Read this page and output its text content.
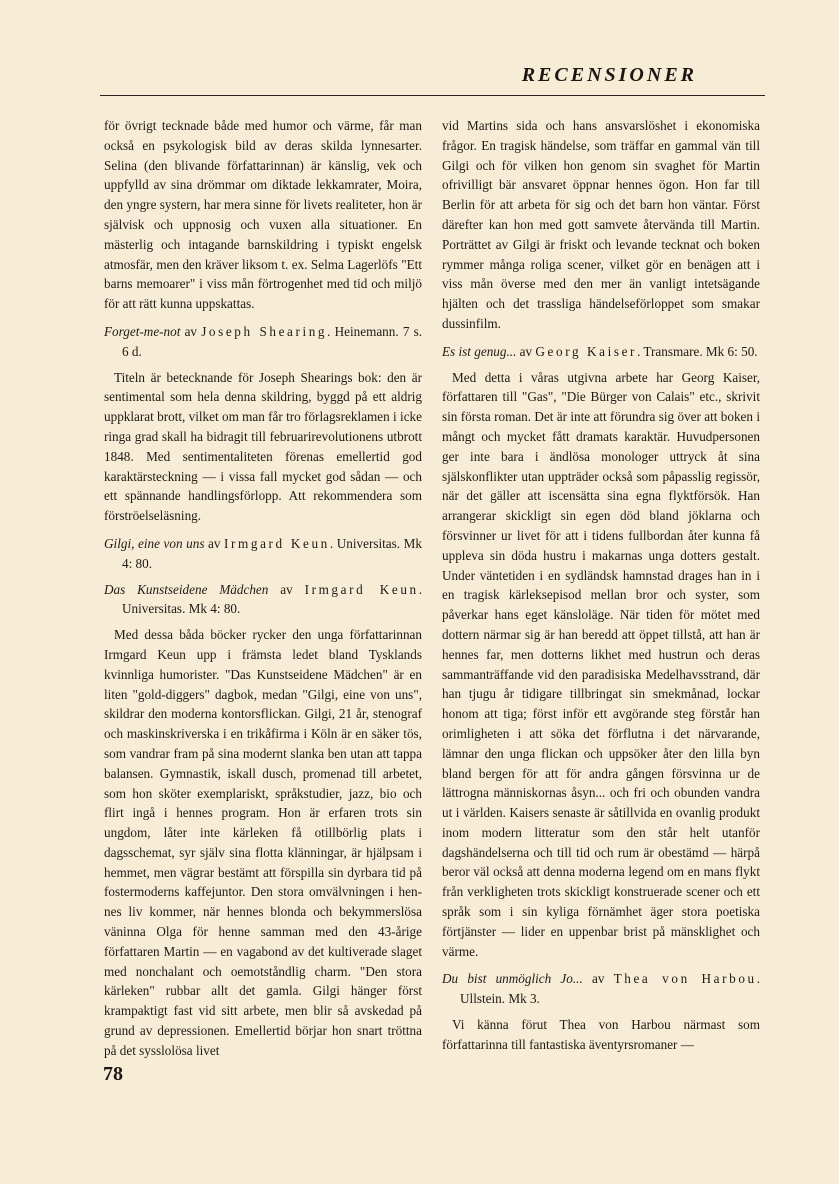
RECENSIONER

för övrigt tecknade både med humor och värme, får man också en psykologisk bild av deras skilda lynnesarter. Selina (den blivande författarinnan) är känslig, vek och uppfylld av sina drömmar om diktade lekkamrater, Moira, den yngre systern, har mera sinne för livets realiteter, hon är självisk och uppnosig och vuxen alla situationer. En mästerlig och intagande barnskildring i typiskt engelsk atmosfär, men den kräver liksom t. ex. Selma Lagerlöfs "Ett barns memoarer" i viss mån förtrogenhet med tid och miljö för att rätt kunna uppskattas.

Forget-me-not av Joseph Shearing. Heinemann. 7 s. 6 d.

Titeln är betecknande för Joseph Shearings bok: den är sentimental som hela denna skildring, byggd på ett aldrig uppklarat brott, vilket om man får tro förlagsreklamen i icke ringa grad skall ha bidragit till februarirevolutionens utbrott 1848. Med sentimentaliteten förenas emellertid god karaktärsteckning — i vissa fall mycket god sådan — och ett spännande handlingsförlopp. Att rekommendera som förströelseläsning.

Gilgi, eine von uns av Irmgard Keun. Universitas. Mk 4: 80.
Das Kunstseidene Mädchen av Irmgard Keun. Universitas. Mk 4: 80.

Med dessa båda böcker rycker den unga författarinnan Irmgard Keun upp i främsta ledet bland Tysklands kvinnliga humorister. "Das Kunstseidene Mädchen" är en liten "gold-diggers" dagbok, medan "Gilgi, eine von uns", skildrar den moderna kontorsflickan. Gilgi, 21 år, stenograf och maskinskriverska i en trikåfirma i Köln är en säker tös, som vandrar fram på sina modernt slanka ben utan att tappa balansen. Gymnastik, iskall dusch, promenad till arbetet, som hon sköter exemplariskt, språkstudier, jazz, bio och flirt ingå i hennes program. Hon är erfaren trots sin ungdom, låter inte kärleken få otillbörlig plats i dagsschemat, syr själv sina flotta klänningar, är hjälpsam i hemmet, men vägrar bestämt att förspilla sin dyrbara tid på fostermoderns kaffejuntor. Den stora omvälvningen i hennes liv kommer, när hennes blonda och bekymmerslösa väninna Olga för henne samman med den 43-årige författaren Martin — en vagabond av det kultiverade slaget med nonchalant och oemotståndlig charm. "Den stora kärleken" rubbar allt det gamla. Gilgi hänger först krampaktigt fast vid sitt arbete, men blir så avskedad på grund av depressionen. Emellertid börjar hon snart tröttna på det sysslolösa livet

vid Martins sida och hans ansvarslöshet i ekonomiska frågor. En tragisk händelse, som träffar en gammal vän till Gilgi och för vilken hon genom sin svaghet för Martin ofrivilligt bär ansvaret öppnar hennes ögon. Hon far till Berlin för att arbeta för sig och det barn hon väntar. Först därefter kan hon med gott samvete återvända till Martin. Porträttet av Gilgi är friskt och levande tecknat och boken rymmer många roliga scener, vilket gör en benägen att i viss mån överse med den mer än vanligt intetsägande hjälten och det trassliga händelseförloppet som smakar dussinfilm.

Es ist genug... av Georg Kaiser. Transmare. Mk 6: 50.

Med detta i våras utgivna arbete har Georg Kaiser, författaren till "Gas", "Die Bürger von Calais" etc., skrivit sin första roman. Det är inte att förundra sig över att boken i mångt och mycket fått dramats karaktär. Huvudpersonen ger inte bara i ändlösa monologer uttryck åt sina själskonflikter utan uppträder också som påpasslig regissör, när det gäller att iscensätta sina egna flyktförsök. Han arrangerar skickligt sin egen död bland jöklarna och försvinner ur livet för att i tidens fullbordan åter kunna få uppleva sin döda hustru i makarnas unga dotters gestalt. Under väntetiden i en sydländsk hamnstad drages han in i en tragisk kärleksepisod mellan bror och syster, som påverkar hans eget känsloläge. När tiden för mötet med dottern närmar sig är han beredd att öppet tillstå, att han är hennes far, men dotterns likhet med hustrun och deras sammanträffande vid den paradisiska Medelhavsstrand, där han tjugu år tidigare tillbringat sin smekmånad, lockar honom att tiga; först inför ett avgörande steg förstår han orimligheten i att söka det förflutna i det närvarande, lämnar den unga flickan och uppsöker åter den lilla byn bland bergen för att för andra gången försvinna ur de lättrogna människornas åsyn... och fri och obunden vandra ut i världen. Kaisers senaste är såtillvida en ovanlig produkt inom modern litteratur som den står helt utanför dagshändelserna och till tid och rum är obestämd — härpå beror väl också att denna moderna legend om en mans flykt från verkligheten trots skickligt konstruerade scener och ett språk som i sin kyliga förnämhet äger stora poetiska förtjänster — lider en uppenbar brist på mänsklighet och värme.

Du bist unmöglich Jo... av Thea von Harbou. Ullstein. Mk 3.

Vi känna förut Thea von Harbou närmast som författarinna till fantastiska äventyrsromaner —

78
